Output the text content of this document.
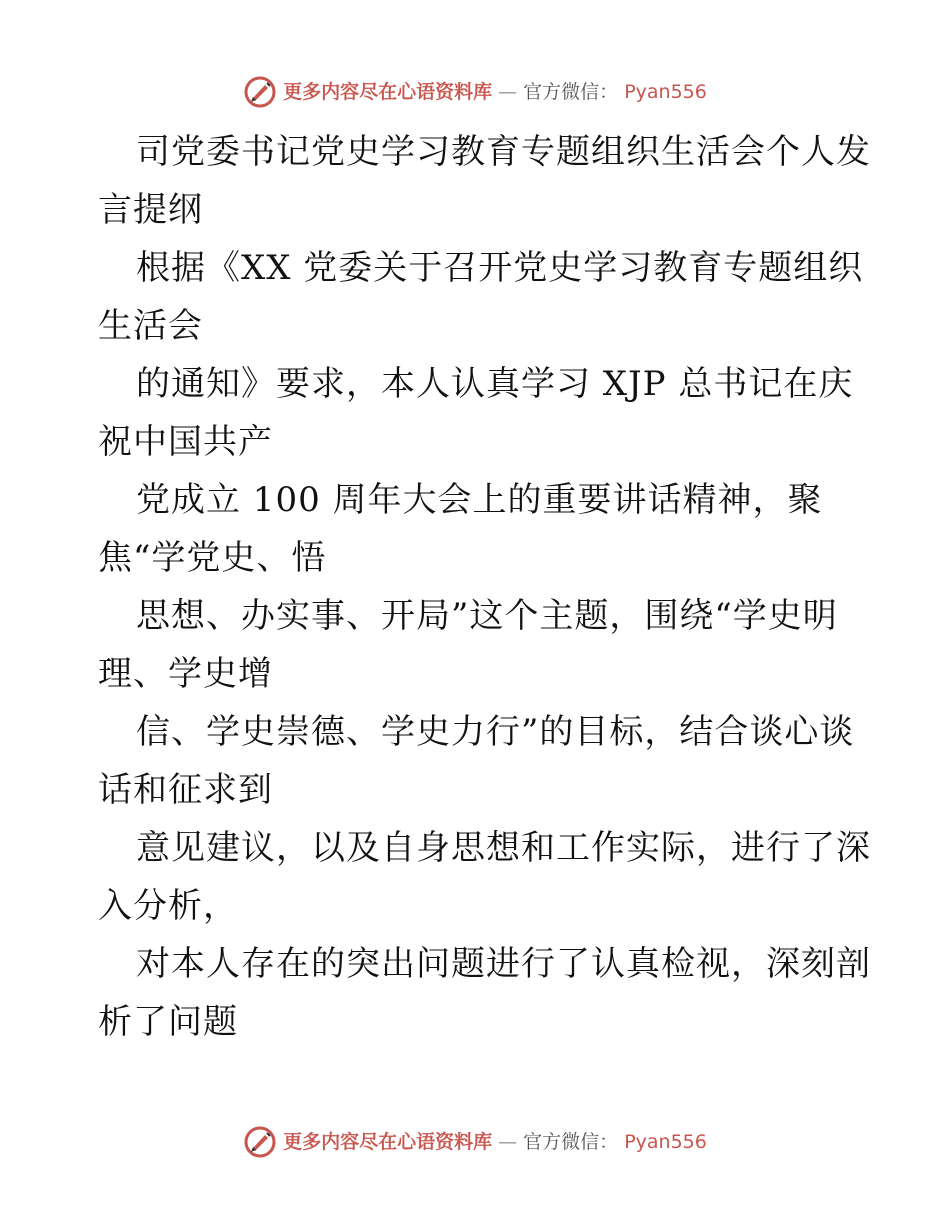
更多内容尽在心语资料库 — 官方微信： Pyan556

司党委书记党史学习教育专题组织生活会个人发
言提纲

根据《XX 党委关于召开党史学习教育专题组织
生活会

的通知》要求，本人认真学习 XJP 总书记在庆
祝中国共产

党成立 100 周年大会上的重要讲话精神，聚
焦“学党史、悟

思想、办实事、开局”这个主题，围绕“学史明
理、学史增

信、学史崇德、学史力行”的目标，结合谈心谈
话和征求到

意见建议，以及自身思想和工作实际，进行了深
入分析，

对本人存在的突出问题进行了认真检视，深刻剖
析了问题

更多内容尽在心语资料库 — 官方微信： Pyan556
